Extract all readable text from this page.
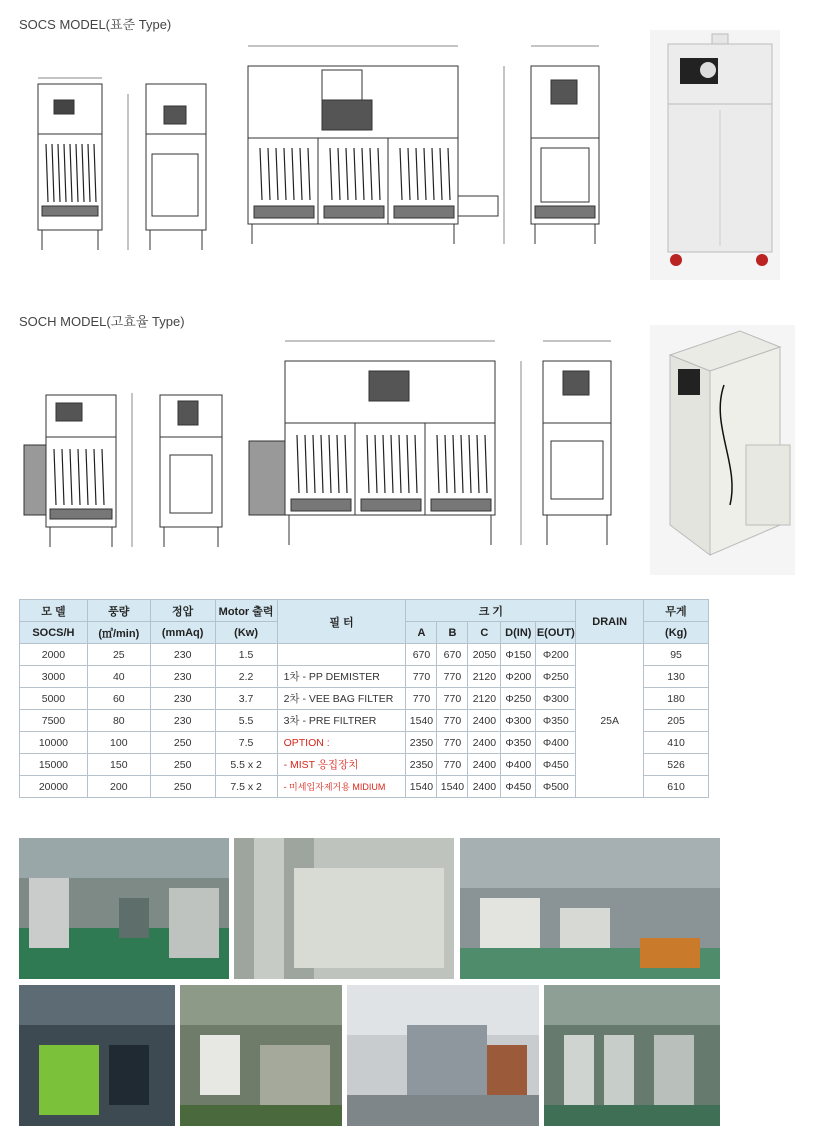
SOCS MODEL(표준 Type)
SOCH MODEL(고효율 Type)
모 델	풍량	정압	Motor 출력	필 터	크 기					DRAIN	무게
SOCS/H	(㎥/min)	(mmAq)	(Kw)		A	B	C	D(IN)	E(OUT)		(Kg)
2000	25	230	1.5		670	670	2050	Φ150	Φ200	25A	95
3000	40	230	2.2	1차 - PP DEMISTER	770	770	2120	Φ200	Φ250		130
5000	60	230	3.7	2차 - VEE BAG FILTER	770	770	2120	Φ250	Φ300		180
7500	80	230	5.5	3차 - PRE FILTRER	1540	770	2400	Φ300	Φ350		205
10000	100	250	7.5	OPTION :	2350	770	2400	Φ350	Φ400		410
15000	150	250	5.5 x 2	- MIST 응집장치	2350	770	2400	Φ400	Φ450		526
20000	200	250	7.5 x 2	- 미세입자제거용 MIDIUM	1540	1540	2400	Φ450	Φ500		610
